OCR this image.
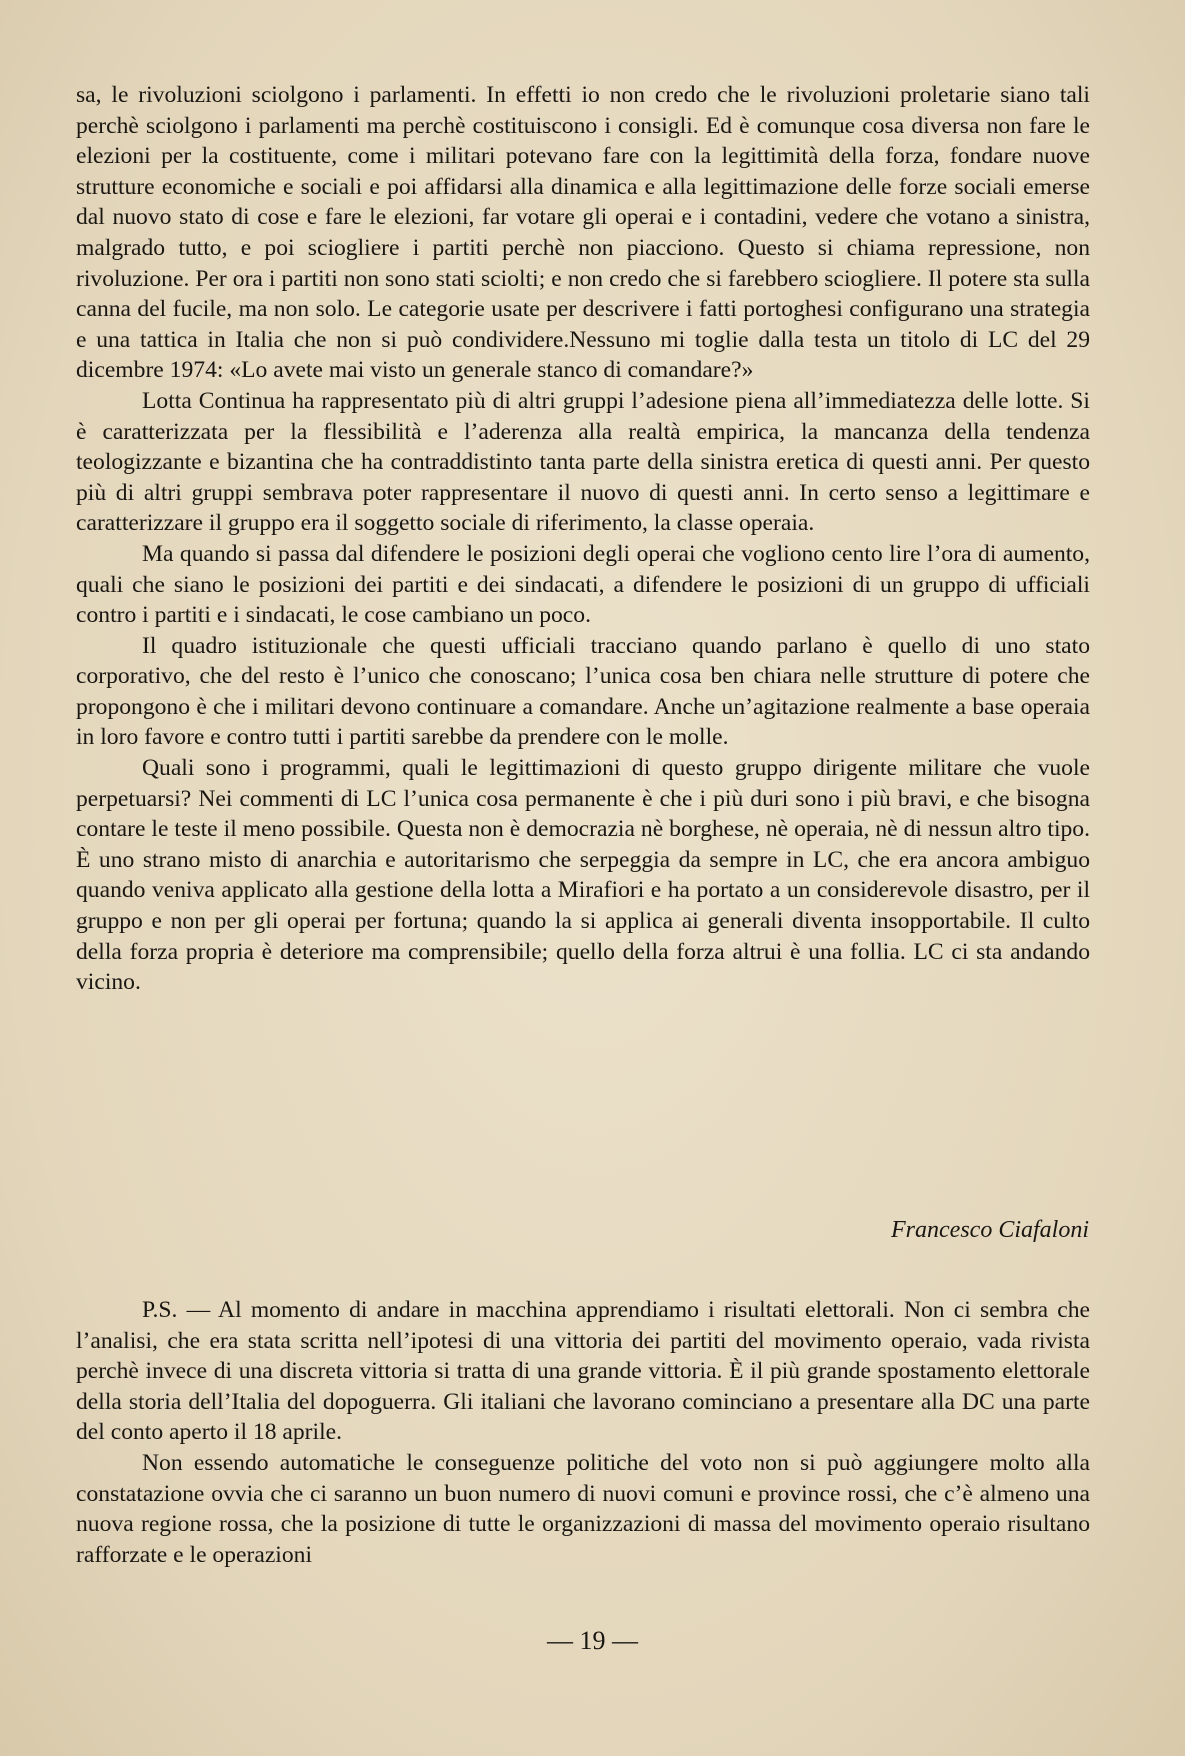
sa, le rivoluzioni sciolgono i parlamenti. In effetti io non credo che le rivoluzioni proletarie siano tali perchè sciolgono i parlamenti ma perchè costituiscono i consigli. Ed è comunque cosa diversa non fare le elezioni per la costituente, come i militari potevano fare con la legittimità della forza, fondare nuove strutture economiche e sociali e poi affidarsi alla dinamica e alla legittimazione delle forze sociali emerse dal nuovo stato di cose e fare le elezioni, far votare gli operai e i contadini, vedere che votano a sinistra, malgrado tutto, e poi sciogliere i partiti perchè non piacciono. Questo si chiama repressione, non rivoluzione. Per ora i partiti non sono stati sciolti; e non credo che si farebbero sciogliere. Il potere sta sulla canna del fucile, ma non solo. Le categorie usate per descrivere i fatti portoghesi configurano una strategia e una tattica in Italia che non si può condividere.Nessuno mi toglie dalla testa un titolo di LC del 29 dicembre 1974: «Lo avete mai visto un generale stanco di comandare?»

Lotta Continua ha rappresentato più di altri gruppi l’adesione piena all’immediatezza delle lotte. Si è caratterizzata per la flessibilità e l’aderenza alla realtà empirica, la mancanza della tendenza teologizzante e bizantina che ha contraddistinto tanta parte della sinistra eretica di questi anni. Per questo più di altri gruppi sembrava poter rappresentare il nuovo di questi anni. In certo senso a legittimare e caratterizzare il gruppo era il soggetto sociale di riferimento, la classe operaia.

Ma quando si passa dal difendere le posizioni degli operai che vogliono cento lire l’ora di aumento, quali che siano le posizioni dei partiti e dei sindacati, a difendere le posizioni di un gruppo di ufficiali contro i partiti e i sindacati, le cose cambiano un poco.

Il quadro istituzionale che questi ufficiali tracciano quando parlano è quello di uno stato corporativo, che del resto è l’unico che conoscano; l’unica cosa ben chiara nelle strutture di potere che propongono è che i militari devono continuare a comandare. Anche un’agitazione realmente a base operaia in loro favore e contro tutti i partiti sarebbe da prendere con le molle.

Quali sono i programmi, quali le legittimazioni di questo gruppo dirigente militare che vuole perpetuarsi? Nei commenti di LC l’unica cosa permanente è che i più duri sono i più bravi, e che bisogna contare le teste il meno possibile. Questa non è democrazia nè borghese, nè operaia, nè di nessun altro tipo. È uno strano misto di anarchia e autoritarismo che serpeggia da sempre in LC, che era ancora ambiguo quando veniva applicato alla gestione della lotta a Mirafiori e ha portato a un considerevole disastro, per il gruppo e non per gli operai per fortuna; quando la si applica ai generali diventa insopportabile. Il culto della forza propria è deteriore ma comprensibile; quello della forza altrui è una follia. LC ci sta andando vicino.

Francesco Ciafaloni

P.S. — Al momento di andare in macchina apprendiamo i risultati elettorali. Non ci sembra che l’analisi, che era stata scritta nell’ipotesi di una vittoria dei partiti del movimento operaio, vada rivista perchè invece di una discreta vittoria si tratta di una grande vittoria. È il più grande spostamento elettorale della storia dell’Italia del dopoguerra. Gli italiani che lavorano cominciano a presentare alla DC una parte del conto aperto il 18 aprile.

Non essendo automatiche le conseguenze politiche del voto non si può aggiungere molto alla constatazione ovvia che ci saranno un buon numero di nuovi comuni e province rossi, che c’è almeno una nuova regione rossa, che la posizione di tutte le organizzazioni di massa del movimento operaio risultano rafforzate e le operazioni

— 19 —
